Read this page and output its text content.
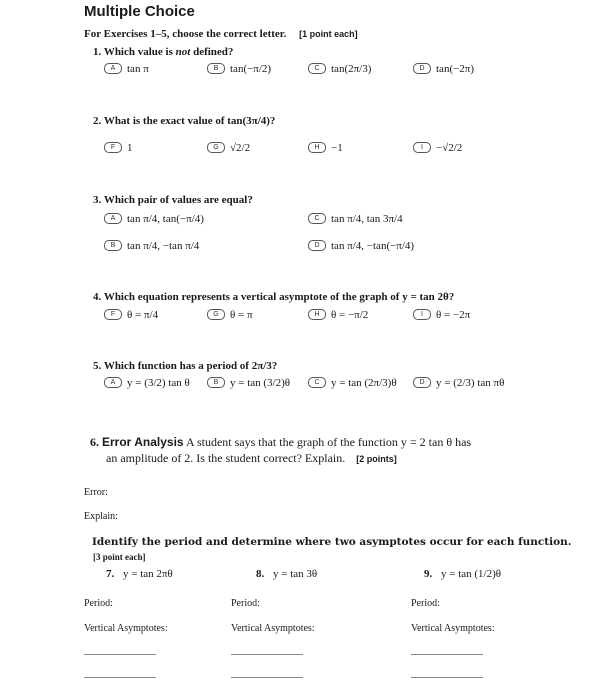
Multiple Choice
For Exercises 1–5, choose the correct letter. [1 point each]
1. Which value is not defined?
A tan π	B tan(−π/2)	C tan(2π/3)	D tan(−2π)
2. What is the exact value of tan(3π/4)?
F 1	G √2/2	H −1	I −√2/2
3. Which pair of values are equal?
A tan π/4, tan(−π/4)	C tan π/4, tan 3π/4
B tan π/4, −tan π/4	D tan π/4, −tan(−π/4)
4. Which equation represents a vertical asymptote of the graph of y = tan 2θ?
F θ = π/4	G θ = π	H θ = −π/2	I θ = −2π
5. Which function has a period of 2π/3?
A y = (3/2) tan θ	B y = tan (3/2)θ	C y = tan (2π/3)θ	D y = (2/3) tan πθ
6. Error Analysis A student says that the graph of the function y = 2 tan θ has
an amplitude of 2. Is the student correct? Explain. [2 points]
Error:
Explain:
Identify the period and determine where two asymptotes occur for each function.
[3 point each]
7. y = tan 2πθ	8. y = tan 3θ	9. y = tan (1/2)θ
Period:	Period:	Period:
Vertical Asymptotes:	Vertical Asymptotes:	Vertical Asymptotes:
